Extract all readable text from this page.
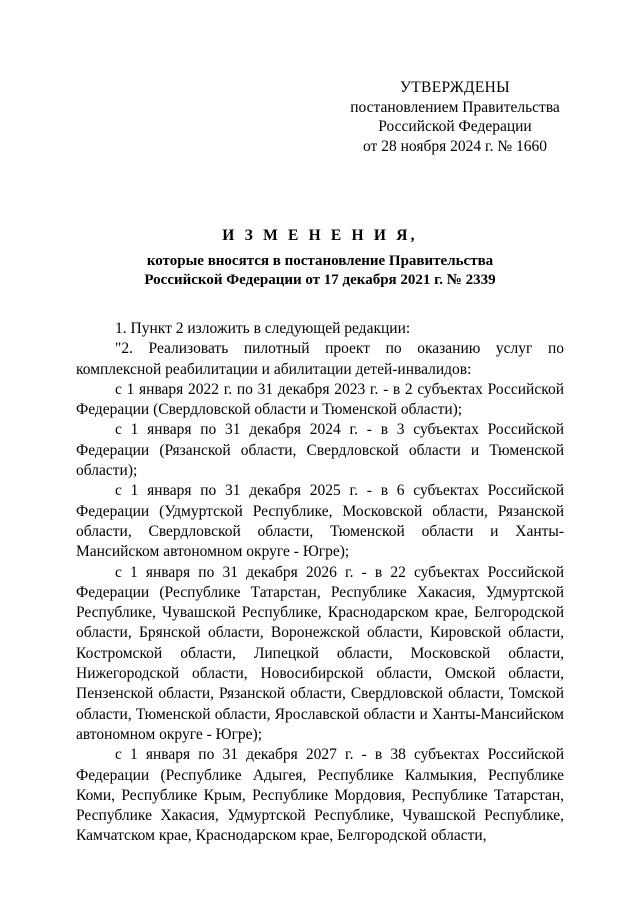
УТВЕРЖДЕНЫ
постановлением Правительства
Российской Федерации
от 28 ноября 2024 г. № 1660
И З М Е Н Е Н И Я,
которые вносятся в постановление Правительства
Российской Федерации от 17 декабря 2021 г. № 2339

1. Пункт 2 изложить в следующей редакции:

"2. Реализовать пилотный проект по оказанию услуг по комплексной реабилитации и абилитации детей-инвалидов:

с 1 января 2022 г. по 31 декабря 2023 г. - в 2 субъектах Российской Федерации (Свердловской области и Тюменской области);

с 1 января по 31 декабря 2024 г. - в 3 субъектах Российской Федерации (Рязанской области, Свердловской области и Тюменской области);

с 1 января по 31 декабря 2025 г. - в 6 субъектах Российской Федерации (Удмуртской Республике, Московской области, Рязанской области, Свердловской области, Тюменской области и Ханты-Мансийском автономном округе - Югре);

с 1 января по 31 декабря 2026 г. - в 22 субъектах Российской Федерации (Республике Татарстан, Республике Хакасия, Удмуртской Республике, Чувашской Республике, Краснодарском крае, Белгородской области, Брянской области, Воронежской области, Кировской области, Костромской области, Липецкой области, Московской области, Нижегородской области, Новосибирской области, Омской области, Пензенской области, Рязанской области, Свердловской области, Томской области, Тюменской области, Ярославской области и Ханты-Мансийском автономном округе - Югре);

с 1 января по 31 декабря 2027 г. - в 38 субъектах Российской Федерации (Республике Адыгея, Республике Калмыкия, Республике Коми, Республике Крым, Республике Мордовия, Республике Татарстан, Республике Хакасия, Удмуртской Республике, Чувашской Республике, Камчатском крае, Краснодарском крае, Белгородской области,
